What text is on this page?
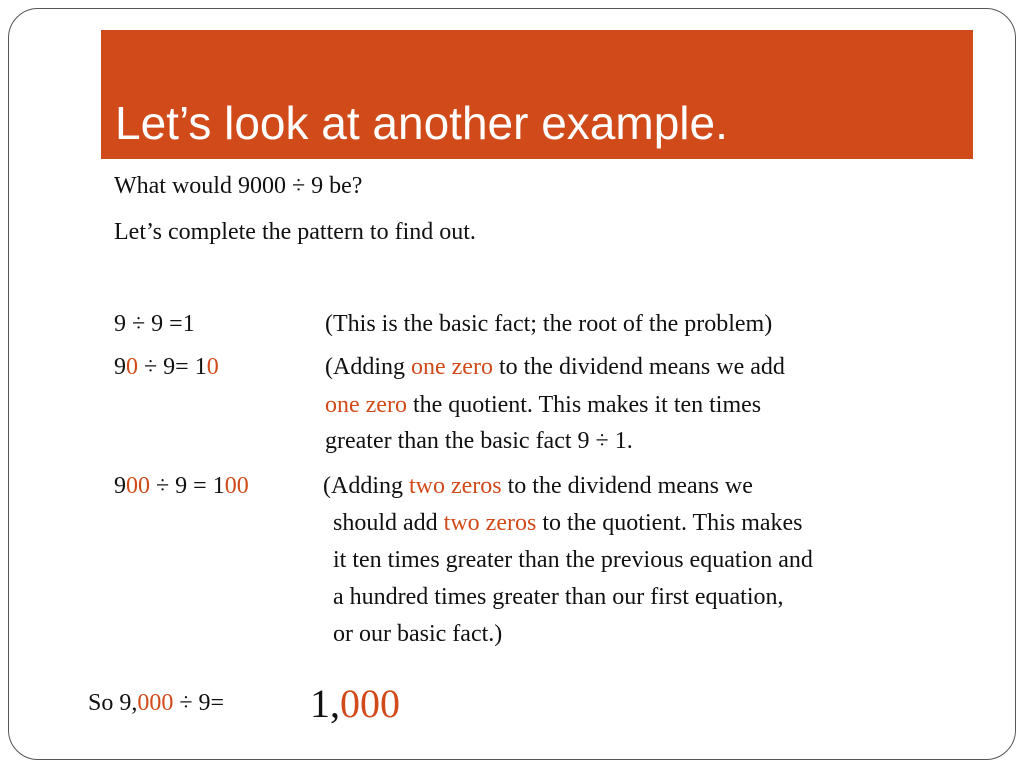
Let’s look at another example.
What would 9000 ÷ 9 be?
Let’s complete the pattern to find out.
9 ÷ 9 =1	(This is the basic fact; the root of the problem)
90 ÷ 9= 10	(Adding one zero to the dividend means we add
one zero the quotient. This makes it ten times
greater than the basic fact 9 ÷ 1.
900 ÷ 9 = 100	(Adding two zeros to the dividend means we
should add two zeros to the quotient. This makes
it ten times greater than the previous equation and
a hundred times greater than our first equation,
or our basic fact.)
So 9,000 ÷ 9= 1,000
